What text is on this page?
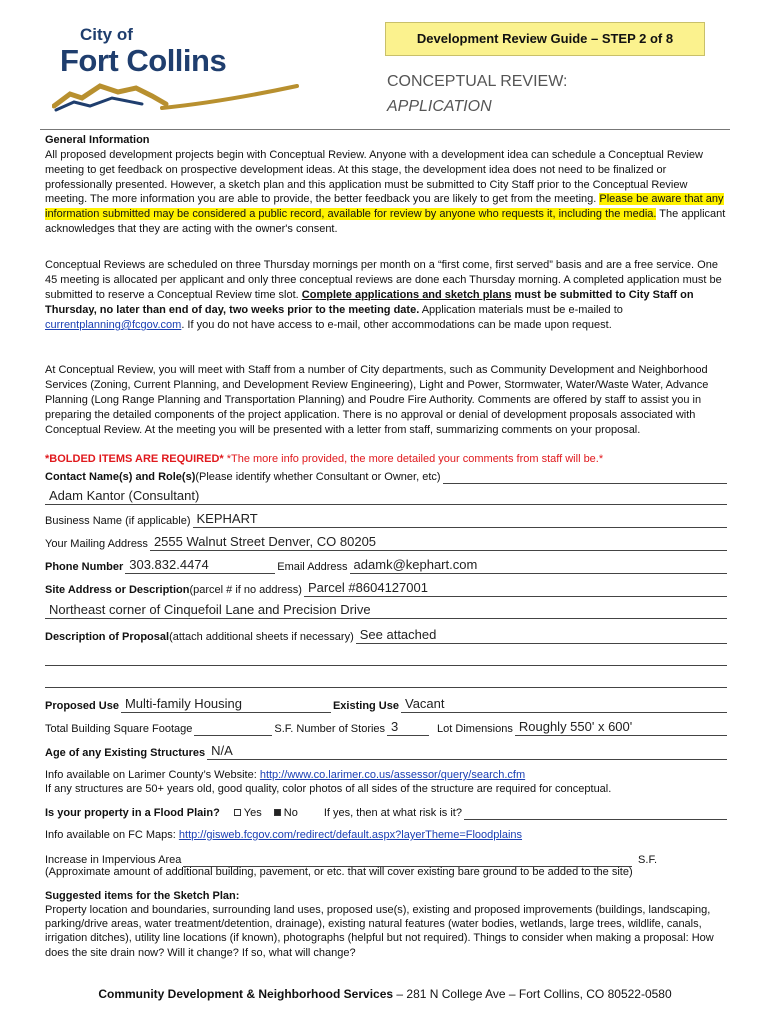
City of
Fort Collins
Development Review Guide – STEP 2 of 8
CONCEPTUAL REVIEW:
APPLICATION
General Information
All proposed development projects begin with Conceptual Review. Anyone with a development idea can schedule a Conceptual Review meeting to get feedback on prospective development ideas. At this stage, the development idea does not need to be finalized or professionally presented. However, a sketch plan and this application must be submitted to City Staff prior to the Conceptual Review meeting. The more information you are able to provide, the better feedback you are likely to get from the meeting. Please be aware that any information submitted may be considered a public record, available for review by anyone who requests it, including the media. The applicant acknowledges that they are acting with the owner's consent.
Conceptual Reviews are scheduled on three Thursday mornings per month on a “first come, first served” basis and are a free service. One 45 meeting is allocated per applicant and only three conceptual reviews are done each Thursday morning. A completed application must be submitted to reserve a Conceptual Review time slot. Complete applications and sketch plans must be submitted to City Staff on Thursday, no later than end of day, two weeks prior to the meeting date. Application materials must be e-mailed to currentplanning@fcgov.com. If you do not have access to e-mail, other accommodations can be made upon request.
At Conceptual Review, you will meet with Staff from a number of City departments, such as Community Development and Neighborhood Services (Zoning, Current Planning, and Development Review Engineering), Light and Power, Stormwater, Water/Waste Water, Advance Planning (Long Range Planning and Transportation Planning) and Poudre Fire Authority. Comments are offered by staff to assist you in preparing the detailed components of the project application. There is no approval or denial of development proposals associated with Conceptual Review. At the meeting you will be presented with a letter from staff, summarizing comments on your proposal.
*BOLDED ITEMS ARE REQUIRED* *The more info provided, the more detailed your comments from staff will be.*
Contact Name(s) and Role(s) (Please identify whether Consultant or Owner, etc)
Adam Kantor (Consultant)
Business Name (if applicable) KEPHART
Your Mailing Address 2555 Walnut Street Denver, CO 80205
Phone Number 303.832.4474	Email Address adamk@kephart.com
Site Address or Description (parcel # if no address) Parcel #8604127001
Northeast corner of Cinquefoil Lane and Precision Drive
Description of Proposal (attach additional sheets if necessary) See attached
Proposed Use Multi-family Housing	Existing Use Vacant
Total Building Square Footage	S.F. Number of Stories 3	Lot Dimensions Roughly 550' x 600'
Age of any Existing Structures N/A
Info available on Larimer County’s Website: http://www.co.larimer.co.us/assessor/query/search.cfm
If any structures are 50+ years old, good quality, color photos of all sides of the structure are required for conceptual.
Is your property in a Flood Plain?	Yes	No If yes, then at what risk is it?
Info available on FC Maps: http://gisweb.fcgov.com/redirect/default.aspx?layerTheme=Floodplains
Increase in Impervious Area	S.F.
(Approximate amount of additional building, pavement, or etc. that will cover existing bare ground to be added to the site)
Suggested items for the Sketch Plan:
Property location and boundaries, surrounding land uses, proposed use(s), existing and proposed improvements (buildings, landscaping, parking/drive areas, water treatment/detention, drainage), existing natural features (water bodies, wetlands, large trees, wildlife, canals, irrigation ditches), utility line locations (if known), photographs (helpful but not required). Things to consider when making a proposal: How does the site drain now? Will it change? If so, what will change?
Community Development & Neighborhood Services – 281 N College Ave – Fort Collins, CO 80522-0580
